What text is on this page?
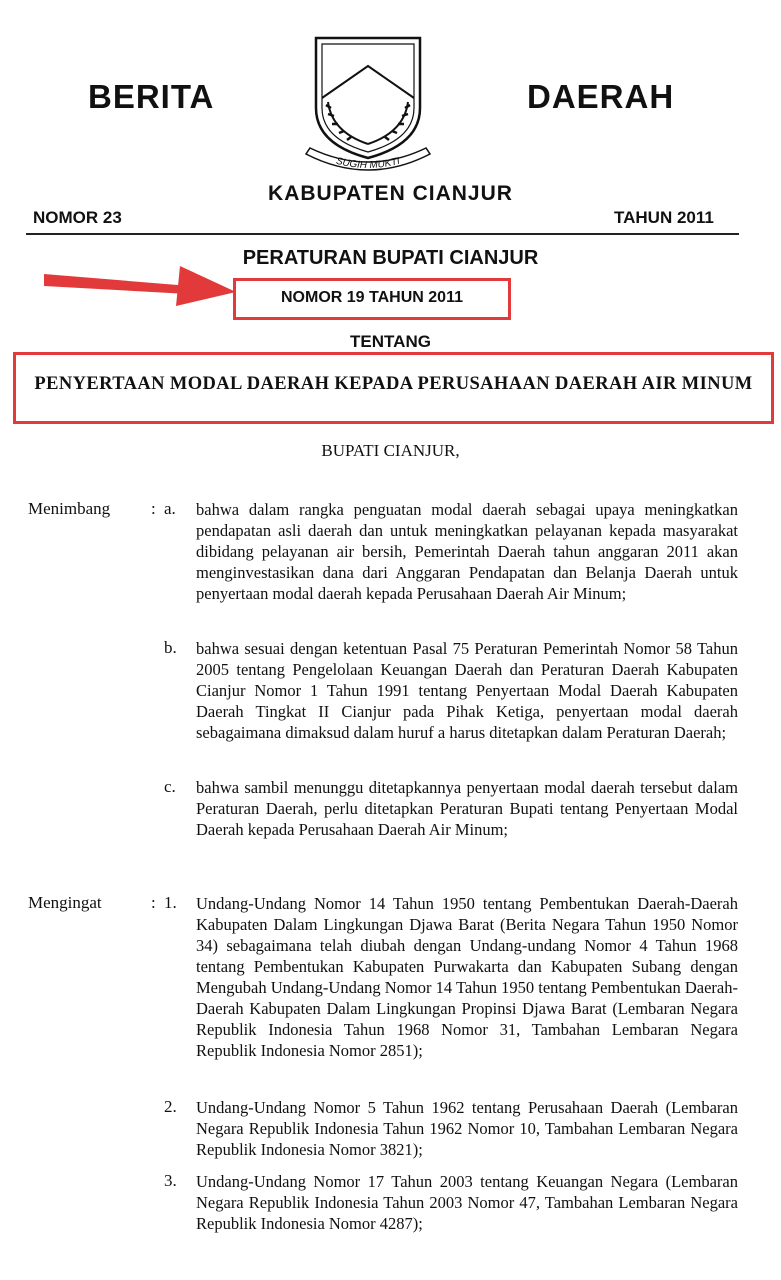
BERITA	DAERAH
SUGIH MUKTI
KABUPATEN CIANJUR
NOMOR 23	TAHUN 2011
PERATURAN BUPATI CIANJUR
NOMOR 19 TAHUN 2011
TENTANG
PENYERTAAN MODAL DAERAH KEPADA PERUSAHAAN DAERAH AIR MINUM
BUPATI CIANJUR,
Menimbang : a. bahwa dalam rangka penguatan modal daerah sebagai upaya meningkatkan pendapatan asli daerah dan untuk meningkatkan pelayanan kepada masyarakat dibidang pelayanan air bersih, Pemerintah Daerah tahun anggaran 2011 akan menginvestasikan dana dari Anggaran Pendapatan dan Belanja Daerah untuk penyertaan modal daerah kepada Perusahaan Daerah Air Minum;
b. bahwa sesuai dengan ketentuan Pasal 75 Peraturan Pemerintah Nomor 58 Tahun 2005 tentang Pengelolaan Keuangan Daerah dan Peraturan Daerah Kabupaten Cianjur Nomor 1 Tahun 1991 tentang Penyertaan Modal Daerah Kabupaten Daerah Tingkat II Cianjur pada Pihak Ketiga, penyertaan modal daerah sebagaimana dimaksud dalam huruf a harus ditetapkan dalam Peraturan Daerah;
c. bahwa sambil menunggu ditetapkannya penyertaan modal daerah tersebut dalam Peraturan Daerah, perlu ditetapkan Peraturan Bupati tentang Penyertaan Modal Daerah kepada Perusahaan Daerah Air Minum;
Mengingat	: 1. Undang-Undang Nomor 14 Tahun 1950 tentang Pembentukan Daerah-Daerah Kabupaten Dalam Lingkungan Djawa Barat (Berita Negara Tahun 1950 Nomor 34) sebagaimana telah diubah dengan Undang-undang Nomor 4 Tahun 1968 tentang Pembentukan Kabupaten Purwakarta dan Kabupaten Subang dengan Mengubah Undang-Undang Nomor 14 Tahun 1950 tentang Pembentukan Daerah-Daerah Kabupaten Dalam Lingkungan Propinsi Djawa Barat (Lembaran Negara Republik Indonesia Tahun 1968 Nomor 31, Tambahan Lembaran Negara Republik Indonesia Nomor 2851);
2. Undang-Undang Nomor 5 Tahun 1962 tentang Perusahaan Daerah (Lembaran Negara Republik Indonesia Tahun 1962 Nomor 10, Tambahan Lembaran Negara Republik Indonesia Nomor 3821);
3. Undang-Undang Nomor 17 Tahun 2003 tentang Keuangan Negara (Lembaran Negara Republik Indonesia Tahun 2003 Nomor 47, Tambahan Lembaran Negara Republik Indonesia Nomor 4287);
